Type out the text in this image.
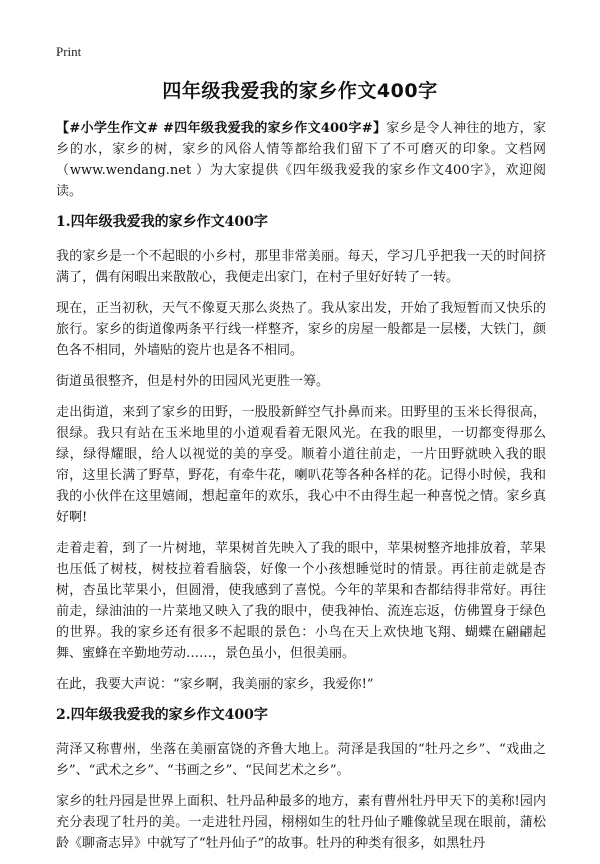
Print
四年级我爱我的家乡作文400字

【#小学生作文# #四年级我爱我的家乡作文400字#】家乡是令人神往的地方，家乡的水，家乡的树，家乡的风俗人情等都给我们留下了不可磨灭的印象。文档网（www.wendang.net ）为大家提供《四年级我爱我的家乡作文400字》，欢迎阅读。

1.四年级我爱我的家乡作文400字

我的家乡是一个不起眼的小乡村，那里非常美丽。每天，学习几乎把我一天的时间挤满了，偶有闲暇出来散散心，我便走出家门，在村子里好好转了一转。

现在，正当初秋，天气不像夏天那么炎热了。我从家出发，开始了我短暂而又快乐的旅行。家乡的街道像两条平行线一样整齐，家乡的房屋一般都是一层楼，大铁门，颜色各不相同，外墙贴的瓷片也是各不相同。

街道虽很整齐，但是村外的田园风光更胜一筹。

走出街道，来到了家乡的田野，一股股新鲜空气扑鼻而来。田野里的玉米长得很高，很绿。我只有站在玉米地里的小道观看着无限风光。在我的眼里，一切都变得那么绿，绿得耀眼，给人以视觉的美的享受。顺着小道往前走，一片田野就映入我的眼帘，这里长满了野草，野花，有牵牛花，喇叭花等各种各样的花。记得小时候，我和我的小伙伴在这里嬉闹，想起童年的欢乐，我心中不由得生起一种喜悦之情。家乡真好啊!

走着走着，到了一片树地，苹果树首先映入了我的眼中，苹果树整齐地排放着，苹果也压低了树枝，树枝拉着看脑袋，好像一个小孩想睡觉时的情景。再往前走就是杏树，杏虽比苹果小，但圆滑，使我感到了喜悦。今年的苹果和杏都结得非常好。再往前走，绿油油的一片菜地又映入了我的眼中，使我神怡、流连忘返，仿佛置身于绿色的世界。我的家乡还有很多不起眼的景色：小鸟在天上欢快地飞翔、蝴蝶在翩翩起舞、蜜蜂在辛勤地劳动……，景色虽小，但很美丽。

在此，我要大声说：“家乡啊，我美丽的家乡，我爱你!”

2.四年级我爱我的家乡作文400字

菏泽又称曹州，坐落在美丽富饶的齐鲁大地上。菏泽是我国的“牡丹之乡”、“戏曲之乡”、“武术之乡”、“书画之乡”、“民间艺术之乡”。

家乡的牡丹园是世界上面积、牡丹品种最多的地方，素有曹州牡丹甲天下的美称!园内充分表现了牡丹的美。一走进牡丹园，栩栩如生的牡丹仙子雕像就呈现在眼前，蒲松龄《聊斋志异》中就写了“牡丹仙子”的故事。牡丹的种类有很多，如黑牡丹
